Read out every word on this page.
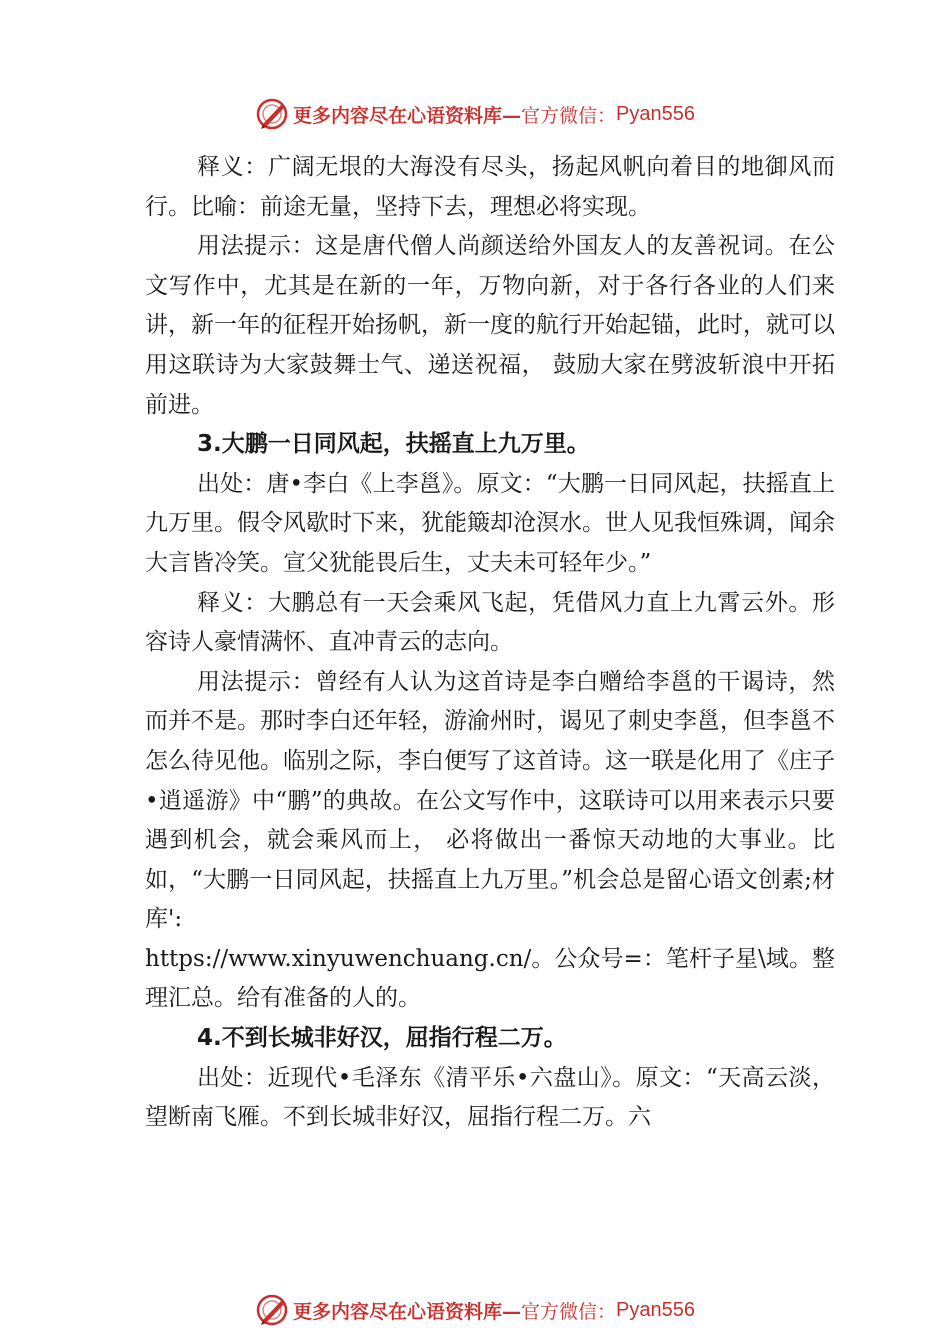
更多内容尽在心语资料库— 官方微信： Pyan556

释义：广阔无垠的大海没有尽头，扬起风帆向着目的地御风而行。比喻：前途无量，坚持下去，理想必将实现。

用法提示：这是唐代僧人尚颜送给外国友人的友善祝词。在公文写作中，尤其是在新的一年，万物向新，对于各行各业的人们来讲，新一年的征程开始扬帆，新一度的航行开始起锚，此时，就可以用这联诗为大家鼓舞士气、递送祝福， 鼓励大家在劈波斩浪中开拓前进。

3.大鹏一日同风起，扶摇直上九万里。

出处：唐•李白《上李邕》。原文：“大鹏一日同风起，扶摇直上九万里。假令风歇时下来，犹能簸却沧溟水。世人见我恒殊调，闻余大言皆冷笑。宣父犹能畏后生，丈夫未可轻年少。”

释义：大鹏总有一天会乘风飞起，凭借风力直上九霄云外。形容诗人豪情满怀、直冲青云的志向。

用法提示：曾经有人认为这首诗是李白赠给李邕的干谒诗，然而并不是。那时李白还年轻，游渝州时，谒见了刺史李邕，但李邕不怎么待见他。临别之际，李白便写了这首诗。这一联是化用了《庄子•逍遥游》中“鹏”的典故。在公文写作中，这联诗可以用来表示只要遇到机会，就会乘风而上， 必将做出一番惊天动地的大事业。比如，“大鹏一日同风起，扶摇直上九万里。”机会总是留心语文创素;材库':

https://www.xinyuwenchuang.cn/。公众号=：笔杆子星\域。整理汇总。给有准备的人的。

4.不到长城非好汉，屈指行程二万。

出处：近现代•毛泽东《清平乐•六盘山》。原文：“天高云淡，望断南飞雁。不到长城非好汉，屈指行程二万。六

更多内容尽在心语资料库— 官方微信： Pyan556
